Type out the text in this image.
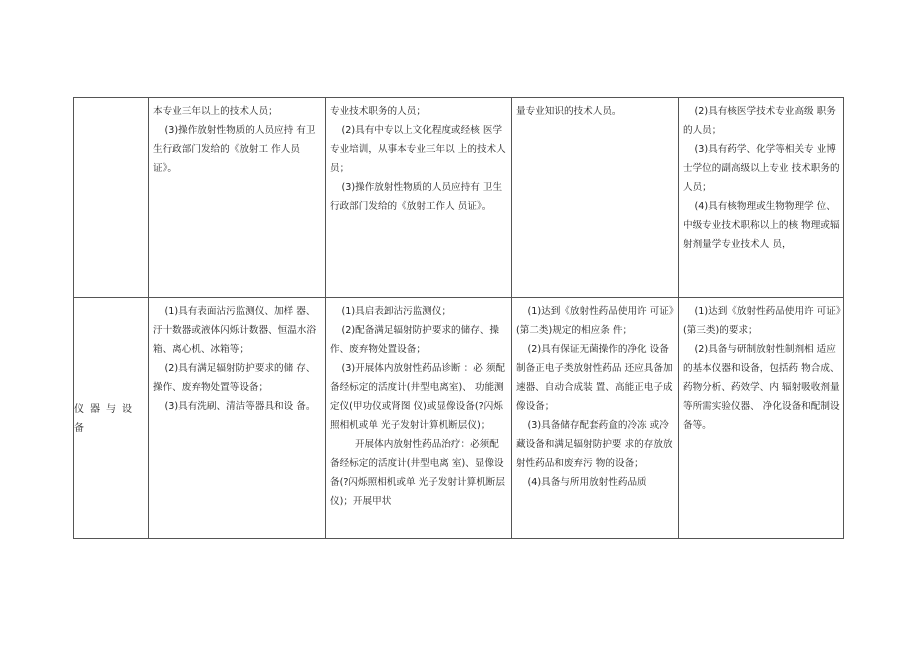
本专业三年以上的技术人员；

(3)操作放射性物质的人员应持 有卫生行政部门发给的《放射工 作人员证》。

专业技术职务的人员；

(2)具有中专以上文化程度或经核 医学专业培训，从事本专业三年以 上的技术人员；

(3)操作放射性物质的人员应持有 卫生行政部门发给的《放射工作人 员证》。

量专业知识的技术人员。	(2)具有核医学技术专业高级 职务的人员；

(3)具有药学、化学等相关专 业博士学位的副高级以上专业 技术职务的人员；

(4)具有核物理或生物物理学 位、中级专业技术职称以上的核 物理或辐射剂量学专业技术人 员，

仪器与设备

(1)具有表面沾污监测仪、加样 器、汙十数器或液体闪烁计数器、恒温水浴箱、离心机、冰箱等；

(2)具有满足辐射防护要求的储 存、操作、废弃物处置等设备；

(3)具有洗刷、清洁等器具和设 备。

(1)具启表卸沾污监测仪；

(2)配备满足辐射防护要求的储存、操作、废弃物处置设备；

(3)开展体内放射性药品诊断 ：必 须配备经标定的活度计(井型电离室)、 功能测定仪(甲功仪或肾图 仪)或显像设备(?闪烁照相机或单 光子发射计算机断层仪)；

开展体内放射性药品治疗：必须配备经标定的活度计(井型电离 室)、显像设备(?闪烁照相机或单 光子发射计算机断层仪)；开展甲状

(1)达到《放射性药品使用许 可证》(第二类)规定的相应条 件；

(2)具有保证无菌操作的净化 设备制备正电子类放射性药品 还应具备加速器、自动合成装 置、高能正电子成像设备；

(3)具备储存配套药盒的冷冻 或冷藏设备和满足辐射防护要 求的存放放射性药品和废弃污 物的设备；

(4)具备与所用放射性药品质

(1)达到《放射性药品使用许 可证》(第三类)的要求；

(2)具备与研制放射性制剂相 适应的基本仪器和设备，包括药 物合成、药物分析、药效学、内 辐射吸收剂量等所需实验仪器、 净化设备和配制设备等。
